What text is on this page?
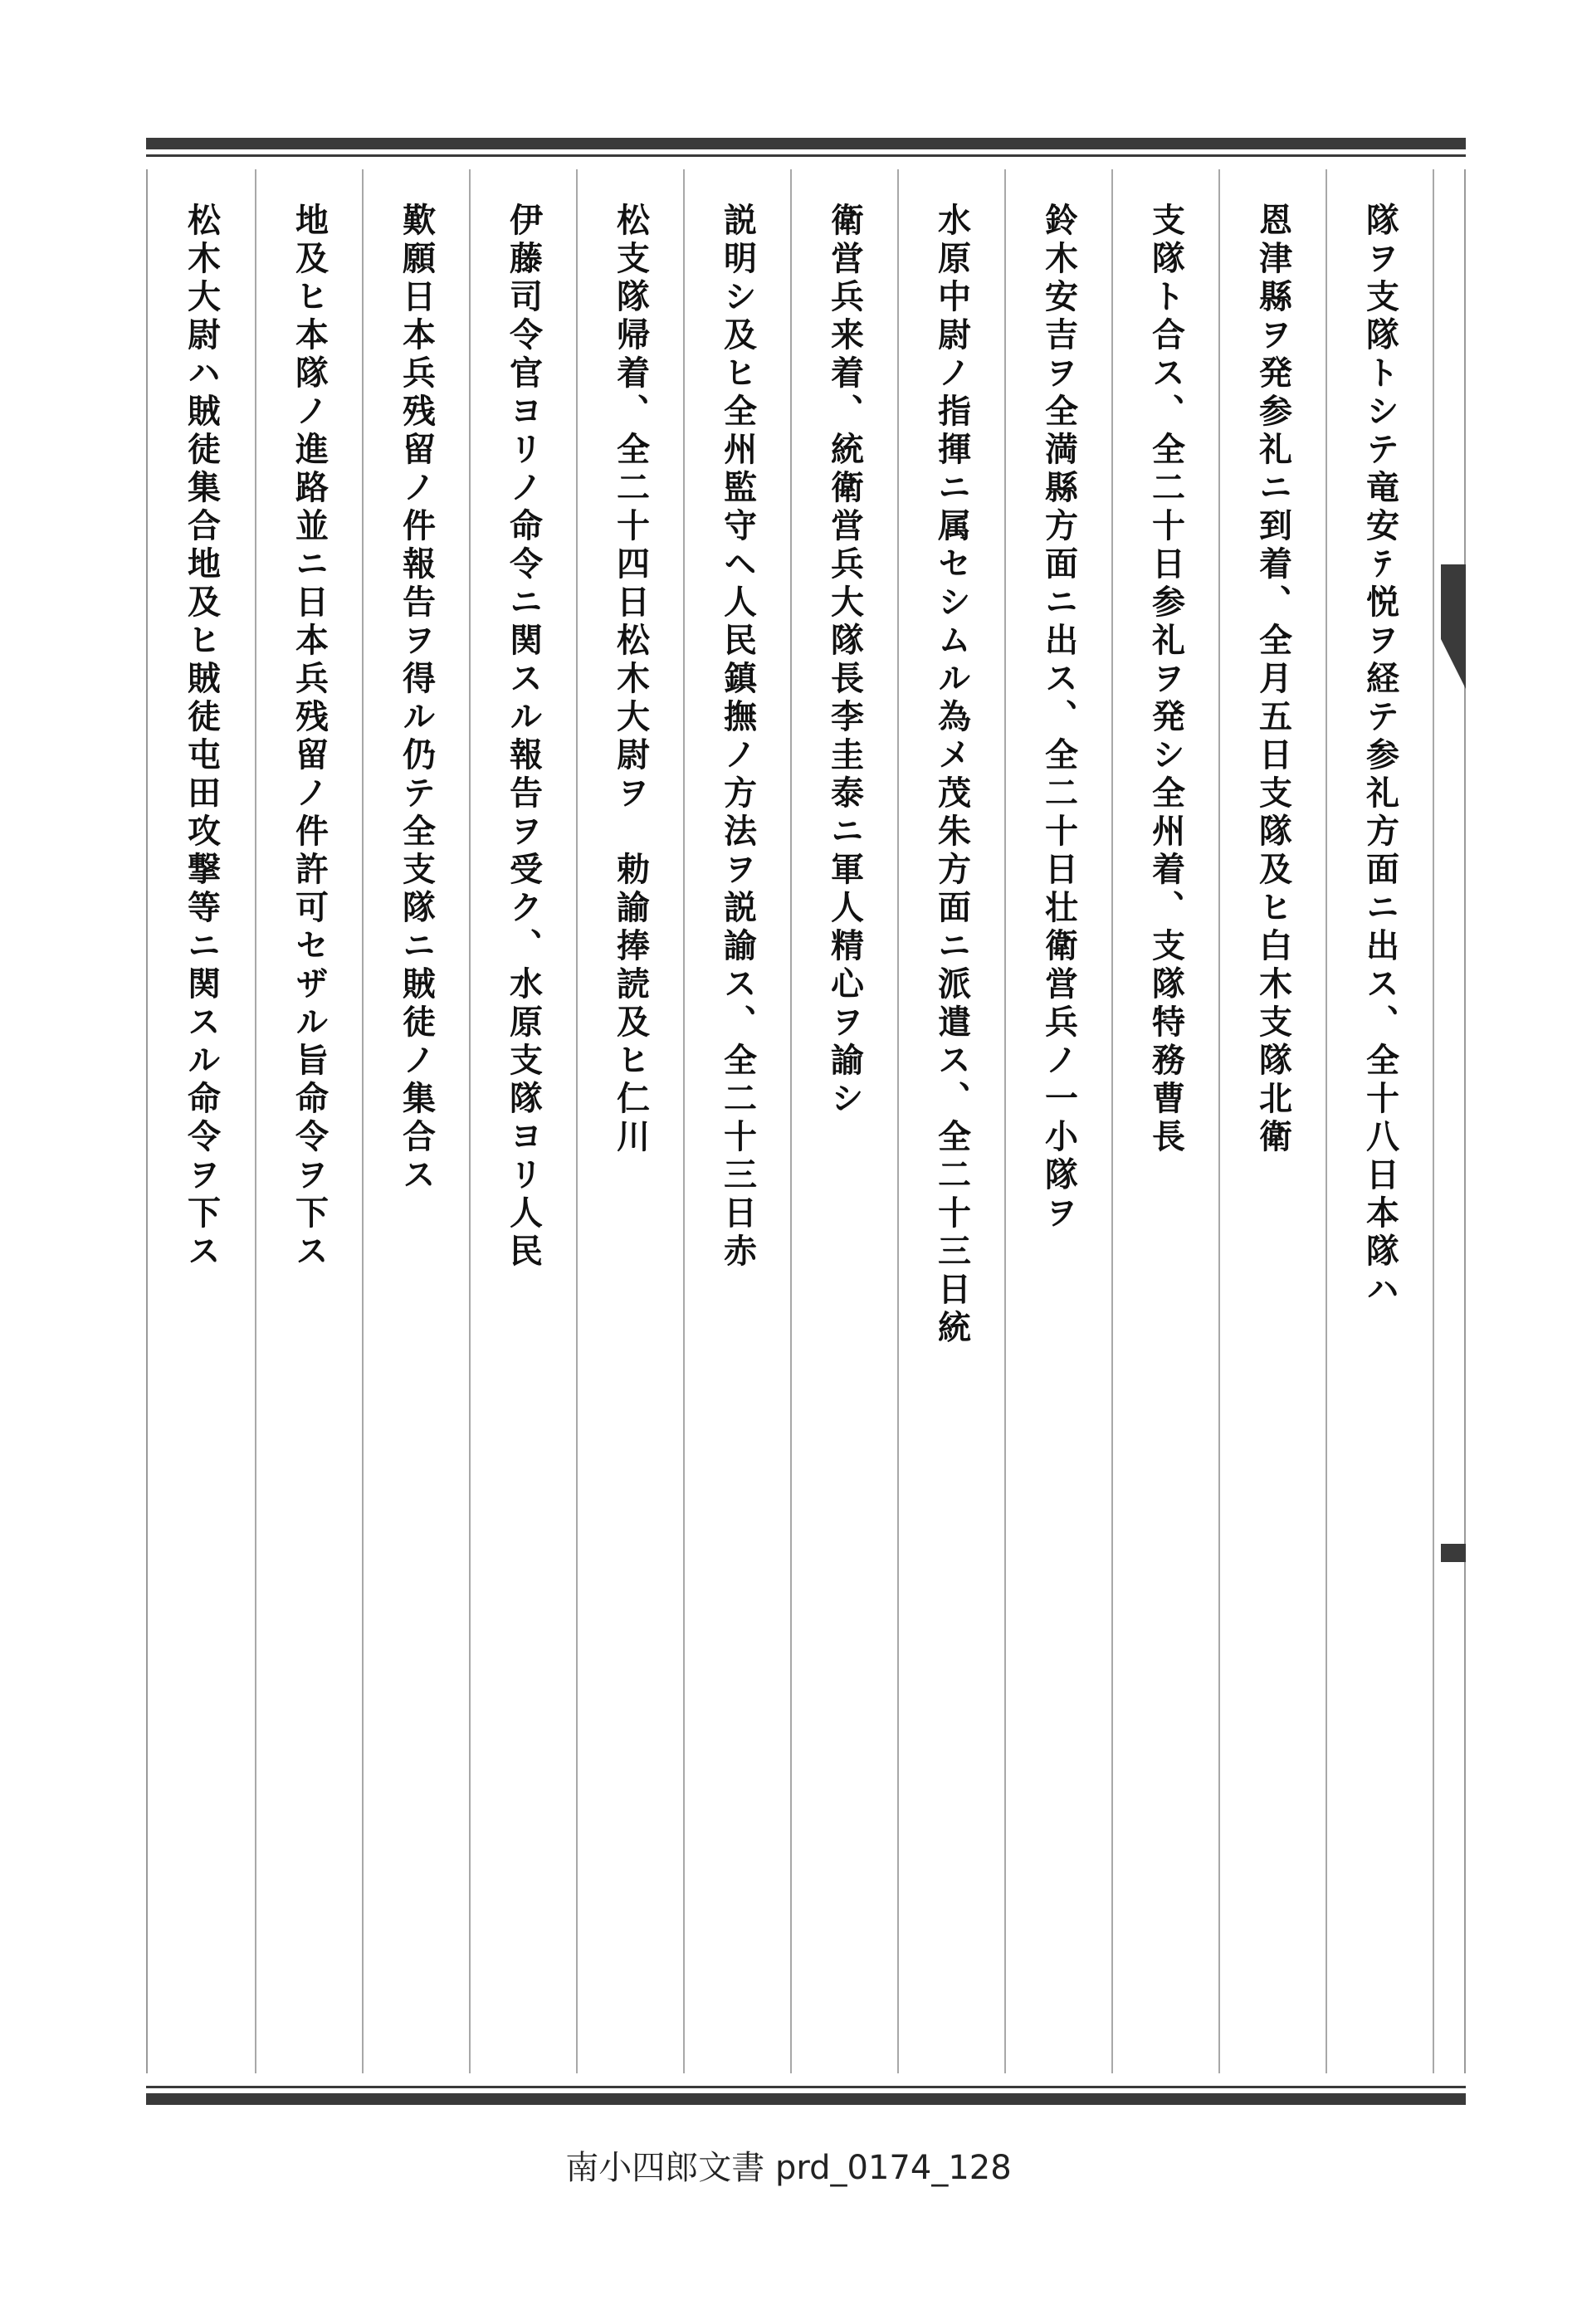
隊ヲ支隊トシテ竜安ﾃ悦ヲ経テ参礼方面ニ出ス、全十八日本隊ハ
恩津縣ヲ発参礼ニ到着、全月五日支隊及ヒ白木支隊北衛
支隊ト合ス、全二十日参礼ヲ発シ全州着、支隊特務曹長
鈴木安吉ヲ全満縣方面ニ出ス、全二十日壮衛営兵ノ一小隊ヲ
水原中尉ノ指揮ニ属セシムル為メ茂朱方面ニ派遣ス、全二十三日統
衛営兵来着、統衛営兵大隊長李圭泰ニ軍人精心ヲ諭シ
説明シ及ヒ全州監守ヘ人民鎮撫ノ方法ヲ説諭ス、全二十三日赤
松支隊帰着、全二十四日松木大尉ヲ　勅諭捧読及ヒ仁川
伊藤司令官ヨリノ命令ニ関スル報告ヲ受ク、水原支隊ヨリ人民
歎願日本兵残留ノ件報告ヲ得ル仍テ全支隊ニ賊徒ノ集合ス
地及ヒ本隊ノ進路並ニ日本兵残留ノ件許可セザル旨命令ヲ下ス
松木大尉ハ賊徒集合地及ヒ賊徒屯田攻撃等ニ関スル命令ヲ下ス
南小四郎文書 prd_0174_128
